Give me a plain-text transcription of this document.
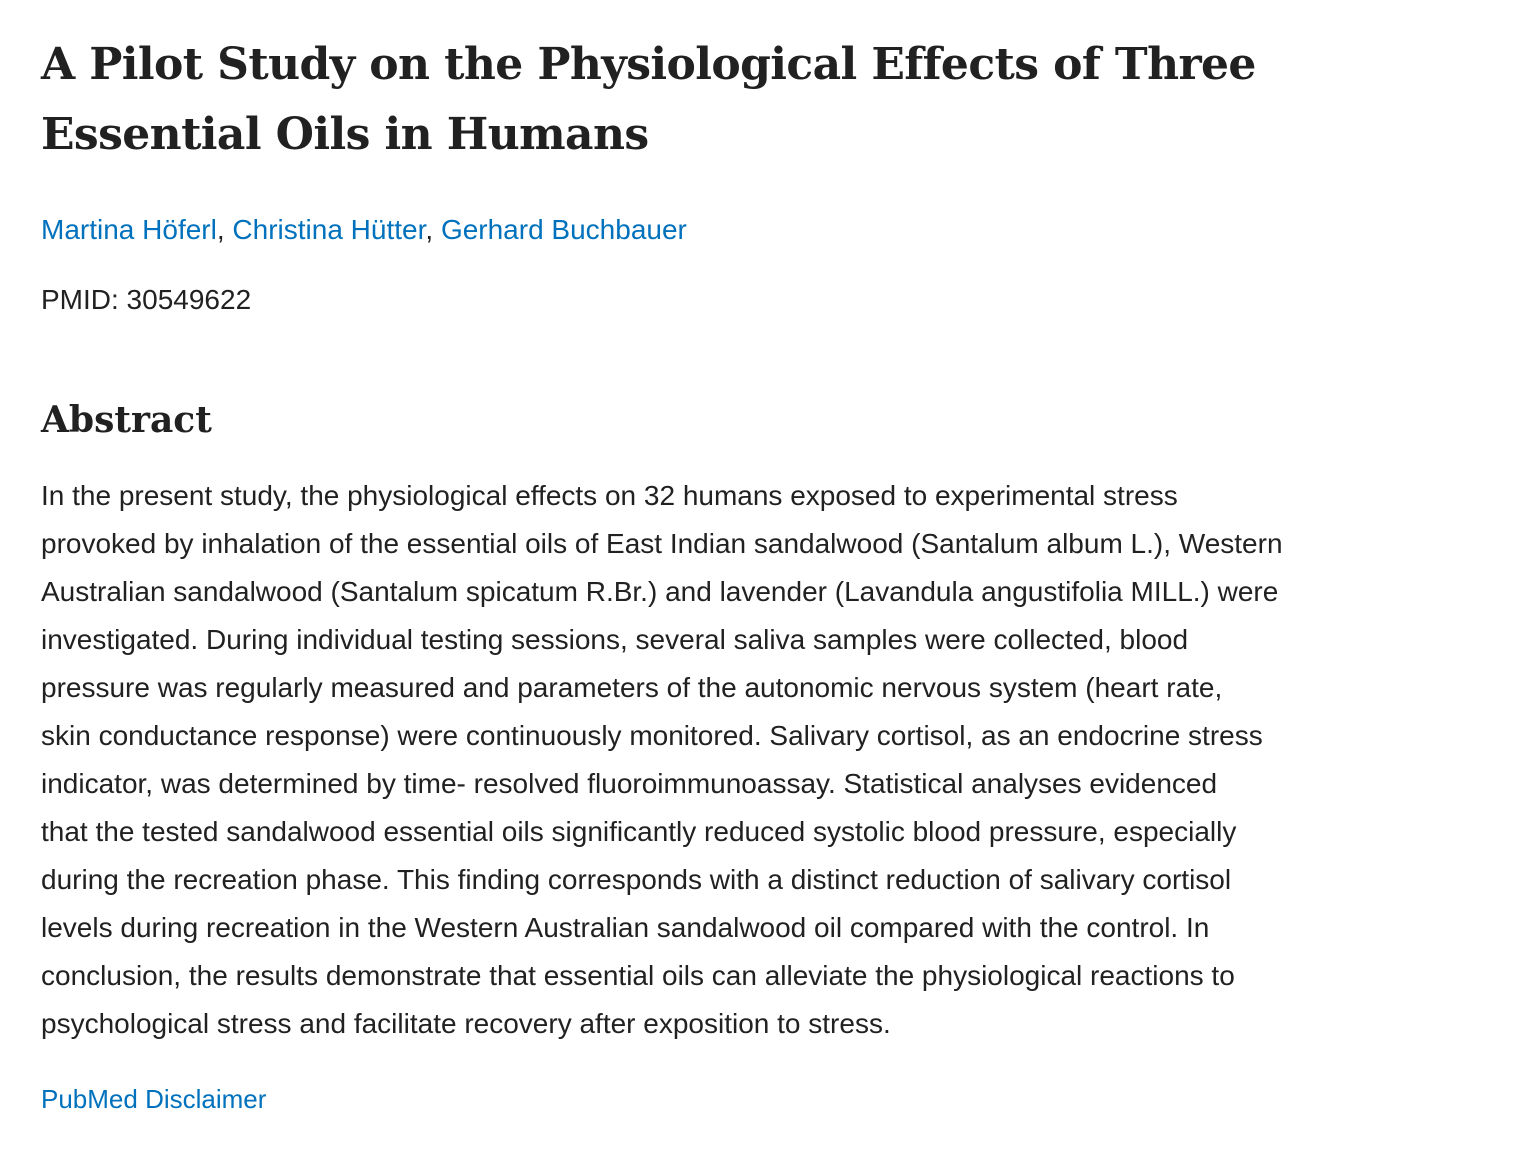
A Pilot Study on the Physiological Effects of Three
Essential Oils in Humans
Martina Höferl, Christina Hütter, Gerhard Buchbauer
PMID: 30549622
Abstract
In the present study, the physiological effects on 32 humans exposed to experimental stress
provoked by inhalation of the essential oils of East Indian sandalwood (Santalum album L.), Western
Australian sandalwood (Santalum spicatum R.Br.) and lavender (Lavandula angustifolia MILL.) were
investigated. During individual testing sessions, several saliva samples were collected, blood
pressure was regularly measured and parameters of the autonomic nervous system (heart rate,
skin conductance response) were continuously monitored. Salivary cortisol, as an endocrine stress
indicator, was determined by time- resolved fluoroimmunoassay. Statistical analyses evidenced
that the tested sandalwood essential oils significantly reduced systolic blood pressure, especially
during the recreation phase. This finding corresponds with a distinct reduction of salivary cortisol
levels during recreation in the Western Australian sandalwood oil compared with the control. In
conclusion, the results demonstrate that essential oils can alleviate the physiological reactions to
psychological stress and facilitate recovery after exposition to stress.
PubMed Disclaimer
